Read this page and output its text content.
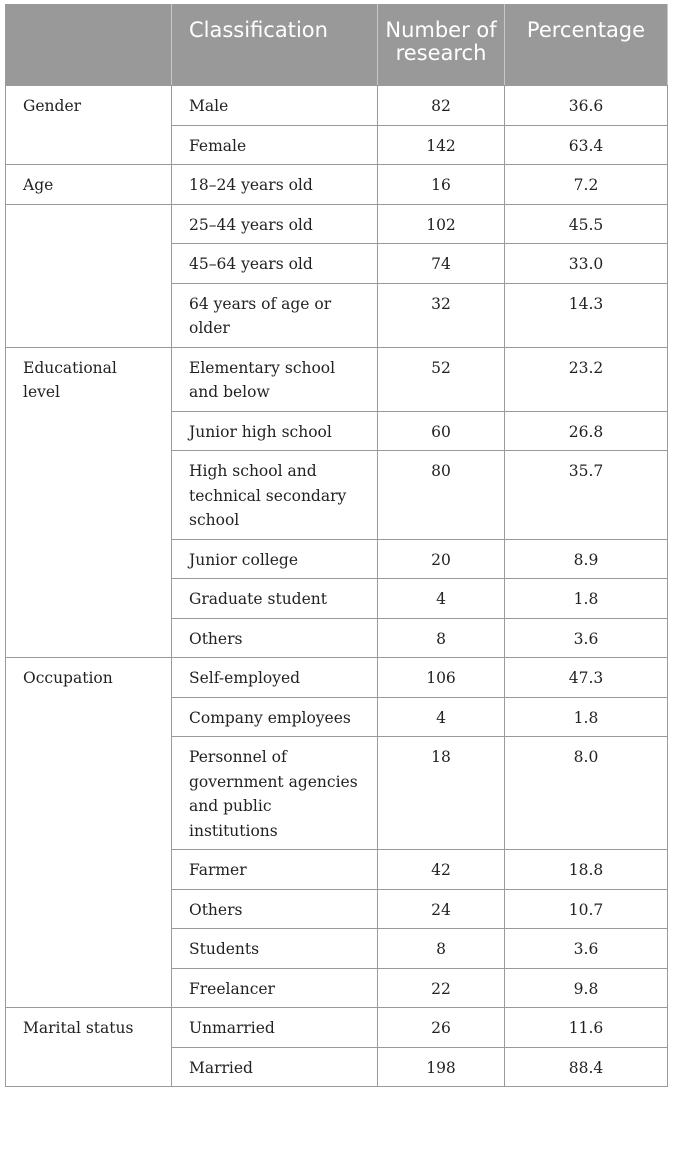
	Classification	Number of research	Percentage
Gender	Male	82	36.6
	Female	142	63.4
Age	18–24 years old	16	7.2
	25–44 years old	102	45.5
	45–64 years old	74	33.0
	64 years of age or older	32	14.3
Educational level	Elementary school and below	52	23.2
	Junior high school	60	26.8
	High school and technical secondary school	80	35.7
	Junior college	20	8.9
	Graduate student	4	1.8
	Others	8	3.6
Occupation	Self-employed	106	47.3
	Company employees	4	1.8
	Personnel of government agencies and public institutions	18	8.0
	Farmer	42	18.8
	Others	24	10.7
	Students	8	3.6
	Freelancer	22	9.8
Marital status	Unmarried	26	11.6
	Married	198	88.4
